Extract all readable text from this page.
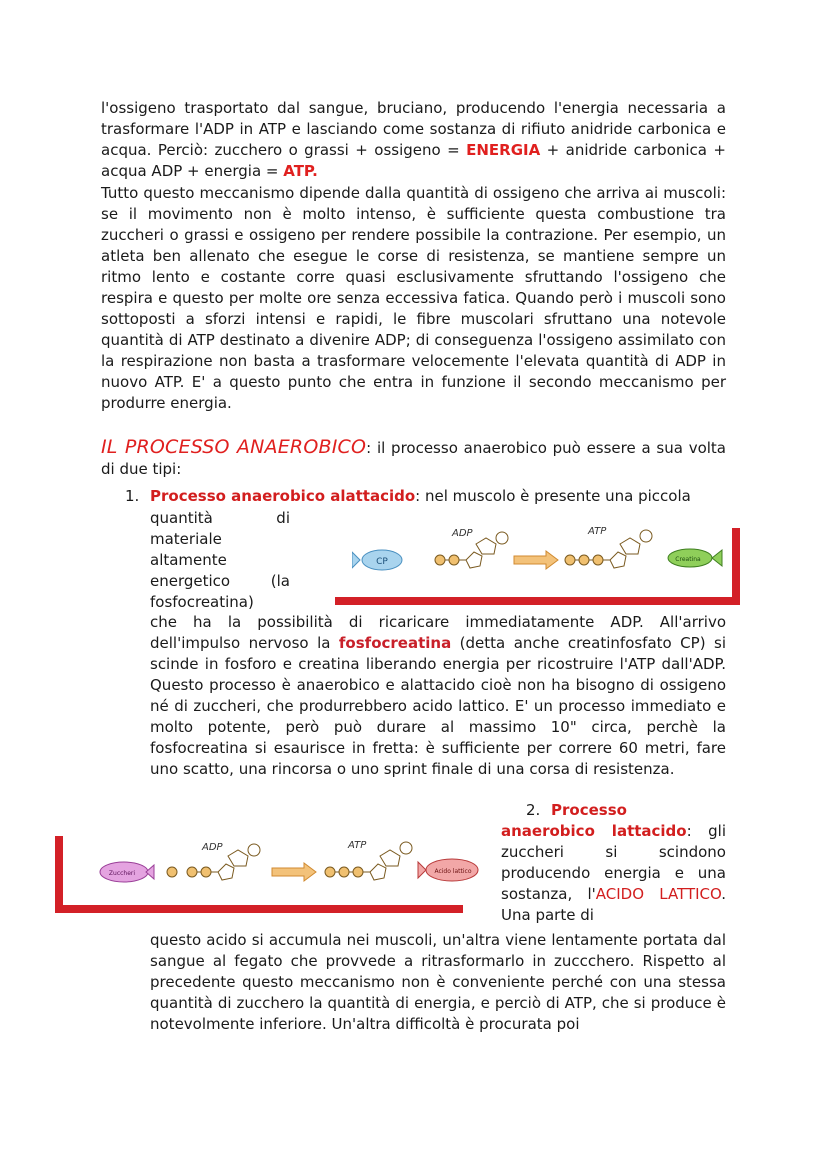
l'ossigeno trasportato dal sangue, bruciano, producendo l'energia necessaria a trasformare l'ADP in ATP e lasciando come sostanza di rifiuto anidride carbonica e acqua. Perciò: zucchero o grassi + ossigeno = ENERGIA + anidride carbonica + acqua ADP + energia = ATP.

Tutto questo meccanismo dipende dalla quantità di ossigeno che arriva ai muscoli: se il movimento non è molto intenso, è sufficiente questa combustione tra zuccheri o grassi e ossigeno per rendere possibile la contrazione. Per esempio, un atleta ben allenato che esegue le corse di resistenza, se mantiene sempre un ritmo lento e costante corre quasi esclusivamente sfruttando l'ossigeno che respira e questo per molte ore senza eccessiva fatica. Quando però i muscoli sono sottoposti a sforzi intensi e rapidi, le fibre muscolari sfruttano una notevole quantità di ATP destinato a divenire ADP; di conseguenza l'ossigeno assimilato con la respirazione non basta a trasformare velocemente l'elevata quantità di ADP in nuovo ATP. E' a questo punto che entra in funzione il secondo meccanismo per produrre energia.

IL PROCESSO ANAEROBICO: il processo anaerobico può essere a sua volta di due tipi:

1. Processo anaerobico alattacido: nel muscolo è presente una piccola

quantità	di
materiale
altamente
energetico	(la
fosfocreatina)

che ha la possibilità di ricaricare immediatamente ADP. All'arrivo dell'impulso nervoso la fosfocreatina (detta anche creatinfosfato CP) si scinde in fosforo e creatina liberando energia per ricostruire l'ATP dall'ADP. Questo processo è anaerobico e alattacido cioè non ha bisogno di ossigeno né di zuccheri, che produrrebbero acido lattico. E' un processo immediato e molto potente, però può durare al massimo 10" circa, perchè la fosfocreatina si esaurisce in fretta: è sufficiente per correre 60 metri, fare uno scatto, una rincorsa o uno sprint finale di una corsa di resistenza.

CP
ADP	ATP
Creatina

Processo anaerobico lattacido: gli zuccheri si scindono producendo energia e una sostanza, l'ACIDO LATTICO. Una parte di

2.

questo acido si accumula nei muscoli, un'altra viene lentamente portata dal sangue al fegato che provvede a ritrasformarlo in zuccchero. Rispetto al precedente questo meccanismo non è conveniente perché con una stessa quantità di zucchero la quantità di energia, e perciò di ATP, che si produce è notevolmente inferiore. Un'altra difficoltà è procurata poi

Zuccheri
ADP	ATP
Acido lattico
